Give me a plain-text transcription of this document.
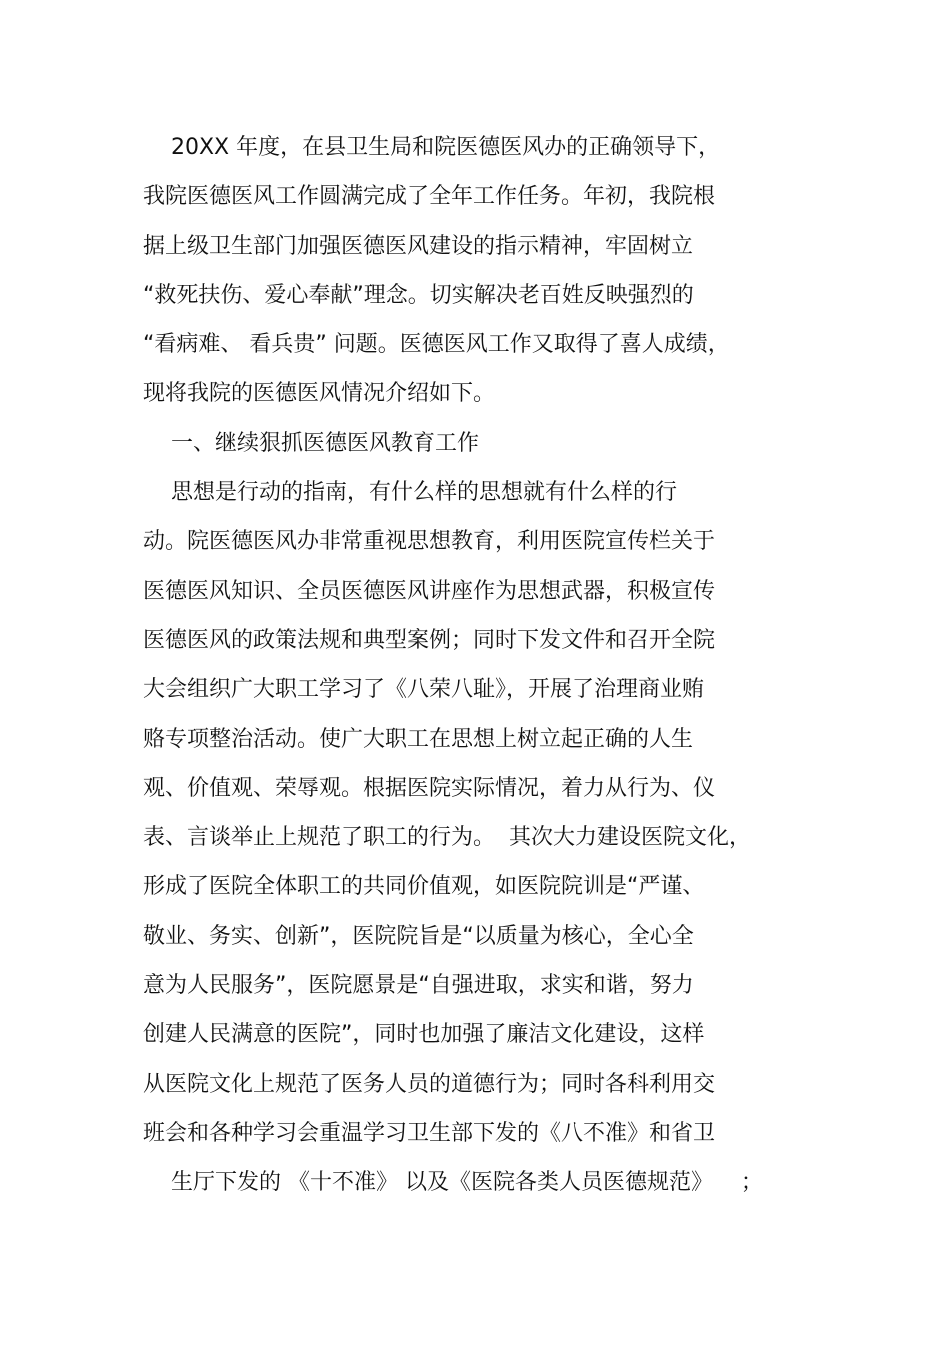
20XX 年度，在县卫生局和院医德医风办的正确领导下，
我院医德医风工作圆满完成了全年工作任务。年初，我院根
据上级卫生部门加强医德医风建设的指示精神，牢固树立
“救死扶伤、爱心奉献”理念。切实解决老百姓反映强烈的
“看病难、 看兵贵” 问题。医德医风工作又取得了喜人成绩，
现将我院的医德医风情况介绍如下。
一、继续狠抓医德医风教育工作
思想是行动的指南，有什么样的思想就有什么样的行
动。院医德医风办非常重视思想教育，利用医院宣传栏关于
医德医风知识、全员医德医风讲座作为思想武器，积极宣传
医德医风的政策法规和典型案例；同时下发文件和召开全院
大会组织广大职工学习了《八荣八耻》，开展了治理商业贿
赂专项整治活动。使广大职工在思想上树立起正确的人生
观、价值观、荣辱观。根据医院实际情况，着力从行为、仪
表、言谈举止上规范了职工的行为。  其次大力建设医院文化，
形成了医院全体职工的共同价值观，如医院院训是“严谨、
敬业、务实、创新”，医院院旨是“以质量为核心，全心全
意为人民服务”，医院愿景是“自强进取，求实和谐，努力
创建人民满意的医院”，同时也加强了廉洁文化建设，这样
从医院文化上规范了医务人员的道德行为；同时各科利用交
班会和各种学习会重温学习卫生部下发的《八不准》和省卫
生厅下发的 《十不准》 以及《医院各类人员医德规范》    ；
